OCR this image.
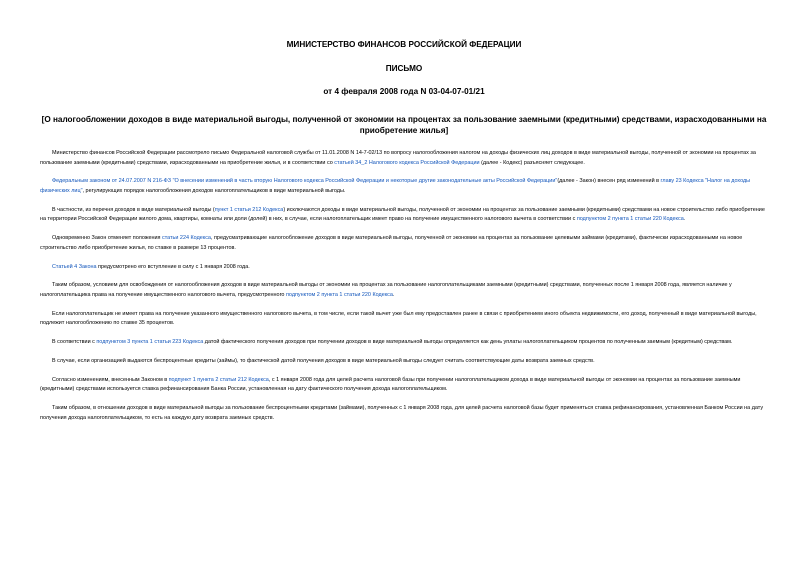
МИНИСТЕРСТВО ФИНАНСОВ РОССИЙСКОЙ ФЕДЕРАЦИИ
ПИСЬМО
от 4 февраля 2008 года N 03-04-07-01/21
[О налогообложении доходов в виде материальной выгоды, полученной от экономии на процентах за пользование заемными (кредитными) средствами, израсходованными на приобретение жилья]

Министерство финансов Российской Федерации рассмотрело письмо Федеральной налоговой службы от 11.01.2008 N 14-7-02/13 по вопросу налогообложения налогом на доходы физических лиц доходов в виде материальной выгоды, полученной от экономии на процентах за пользование заемными (кредитными) средствами, израсходованными на приобретение жилья, и в соответствии со статьей 34_2 Налогового кодекса Российской Федерации (далее - Кодекс) разъясняет следующее.

Федеральным законом от 24.07.2007 N 216-ФЗ "О внесении изменений в часть вторую Налогового кодекса Российской Федерации и некоторые другие законодательные акты Российской Федерации"(далее - Закон) внесен ряд изменений в главу 23 Кодекса "Налог на доходы физических лиц", регулирующих порядок налогообложения доходов налогоплательщиков в виде материальной выгоды.

В частности, из перечня доходов в виде материальной выгоды (пункт 1 статьи 212 Кодекса) исключаются доходы в виде материальной выгоды, полученной от экономии на процентах за пользование заемными (кредитными) средствами на новое строительство либо приобретение на территории Российской Федерации жилого дома, квартиры, комнаты или доли (долей) в них, в случае, если налогоплательщик имеет право на получение имущественного налогового вычета в соответствии с подпунктом 2 пункта 1 статьи 220 Кодекса.

Одновременно Закон отменяет положения статьи 224 Кодекса, предусматривающие налогообложение доходов в виде материальной выгоды, полученной от экономии на процентах за пользование целевыми займами (кредитами), фактически израсходованными на новое строительство либо приобретение жилья, по ставке в размере 13 процентов.

Статьей 4 Закона предусмотрено его вступление в силу с 1 января 2008 года.

Таким образом, условием для освобождения от налогообложения доходов в виде материальной выгоды от экономии на процентах за пользование налогоплательщиками заемными (кредитными) средствами, полученных после 1 января 2008 года, является наличие у налогоплательщика права на получение имущественного налогового вычета, предусмотренного подпунктом 2 пункта 1 статьи 220 Кодекса.

Если налогоплательщик не имеет права на получение указанного имущественного налогового вычета, в том числе, если такой вычет уже был ему предоставлен ранее в связи с приобретением иного объекта недвижимости, его доход, полученный в виде материальной выгоды, подлежит налогообложению по ставке 35 процентов.

В соответствии с подпунктом 3 пункта 1 статьи 223 Кодекса датой фактического получения доходов при получении доходов в виде материальной выгоды определяется как день уплаты налогоплательщиком процентов по полученным заемным (кредитным) средствам.

В случае, если организацией выдаются беспроцентные кредиты (займы), то фактической датой получения доходов в виде материальной выгоды следует считать соответствующие даты возврата заемных средств.

Согласно изменениям, внесенным Законом в подпункт 1 пункта 2 статьи 212 Кодекса, с 1 января 2008 года для целей расчета налоговой базы при получении налогоплательщиком дохода в виде материальной выгоды от экономии на процентах за пользование заемными (кредитными) средствами используется ставка рефинансирования Банка России, установленная на дату фактического получения дохода налогоплательщиком.

Таким образом, в отношении доходов в виде материальной выгоды за пользование беспроцентными кредитами (займами), полученных с 1 января 2008 года, для целей расчета налоговой базы будет применяться ставка рефинансирования, установленная Банком России на дату получения дохода налогоплательщиком, то есть на каждую дату возврата заемных средств.
